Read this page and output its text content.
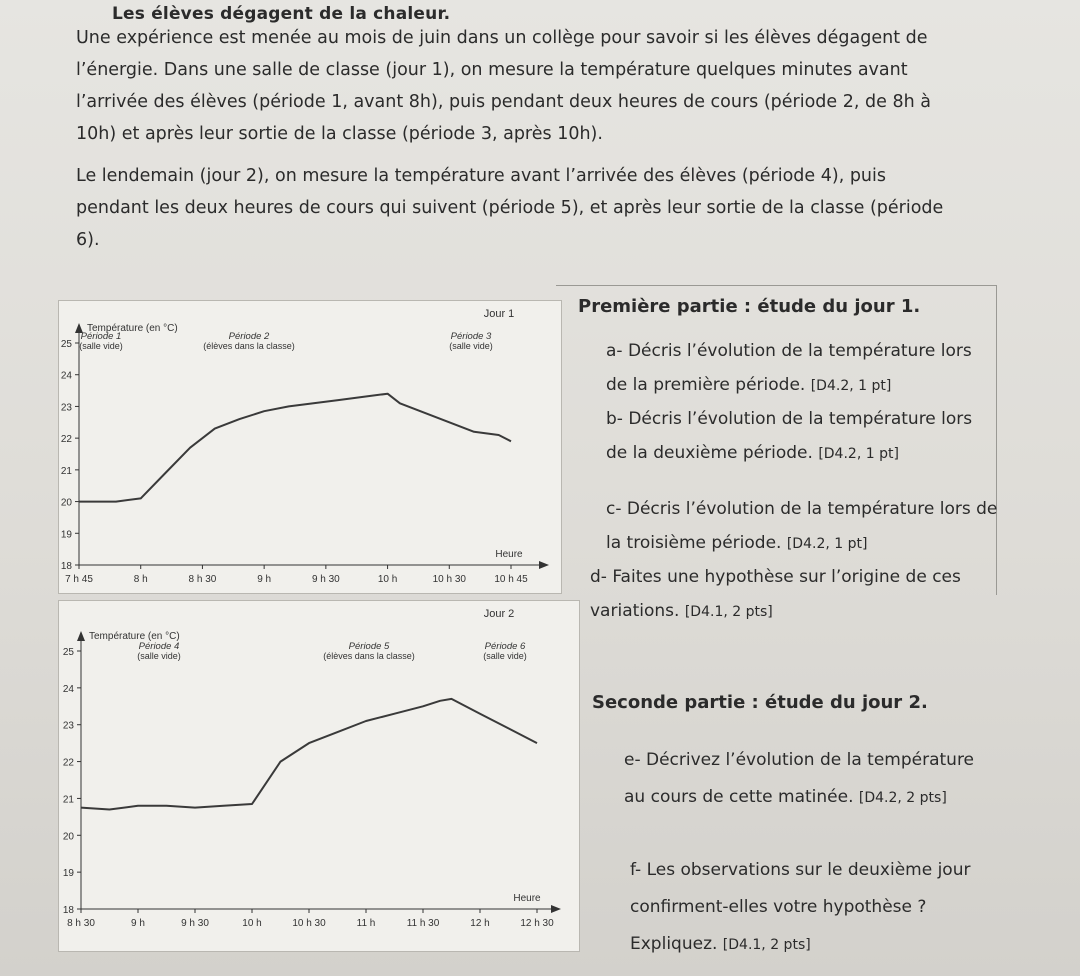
Les élèves dégagent de la chaleur.

Une expérience est menée au mois de juin dans un collège pour savoir si les élèves dégagent de l’énergie. Dans une salle de classe (jour 1), on mesure la température quelques minutes avant l’arrivée des élèves (période 1, avant 8h), puis pendant deux heures de cours (période 2, de 8h à 10h) et après leur sortie de la classe (période 3, après 10h).

Le lendemain (jour 2), on mesure la température avant l’arrivée des élèves (période 4), puis pendant les deux heures de cours qui suivent (période 5), et après leur sortie de la classe (période 6).

18
19
20
21
22
23
24
25
7 h 45	8 h	8 h 30	9 h	9 h 30	10 h	10 h 30	10 h 45
Température (en °C)
Heure
Jour 1
Période 1
(salle vide)
Période 2
(élèves dans la classe)
Période 3
(salle vide)
18
19
20
21
22
23
24
25
8 h 30	9 h	9 h 30	10 h	10 h 30	11 h	11 h 30	12 h	12 h 30
Température (en °C)
Heure
Jour 2
Période 4
(salle vide)
Période 5
(élèves dans la classe)
Période 6
(salle vide)
Première partie : étude du jour 1.
a- Décris l’évolution de la température lors de la première période. [D4.2, 1 pt]
b- Décris l’évolution de la température lors de la deuxième période. [D4.2, 1 pt]
c- Décris l’évolution de la température lors de la troisième période. [D4.2, 1 pt]
d- Faites une hypothèse sur l’origine de ces variations. [D4.1, 2 pts]
Seconde partie : étude du jour 2.
e- Décrivez l’évolution de la température au cours de cette matinée. [D4.2, 2 pts]
f- Les observations sur le deuxième jour confirment-elles votre hypothèse ? Expliquez. [D4.1, 2 pts]
